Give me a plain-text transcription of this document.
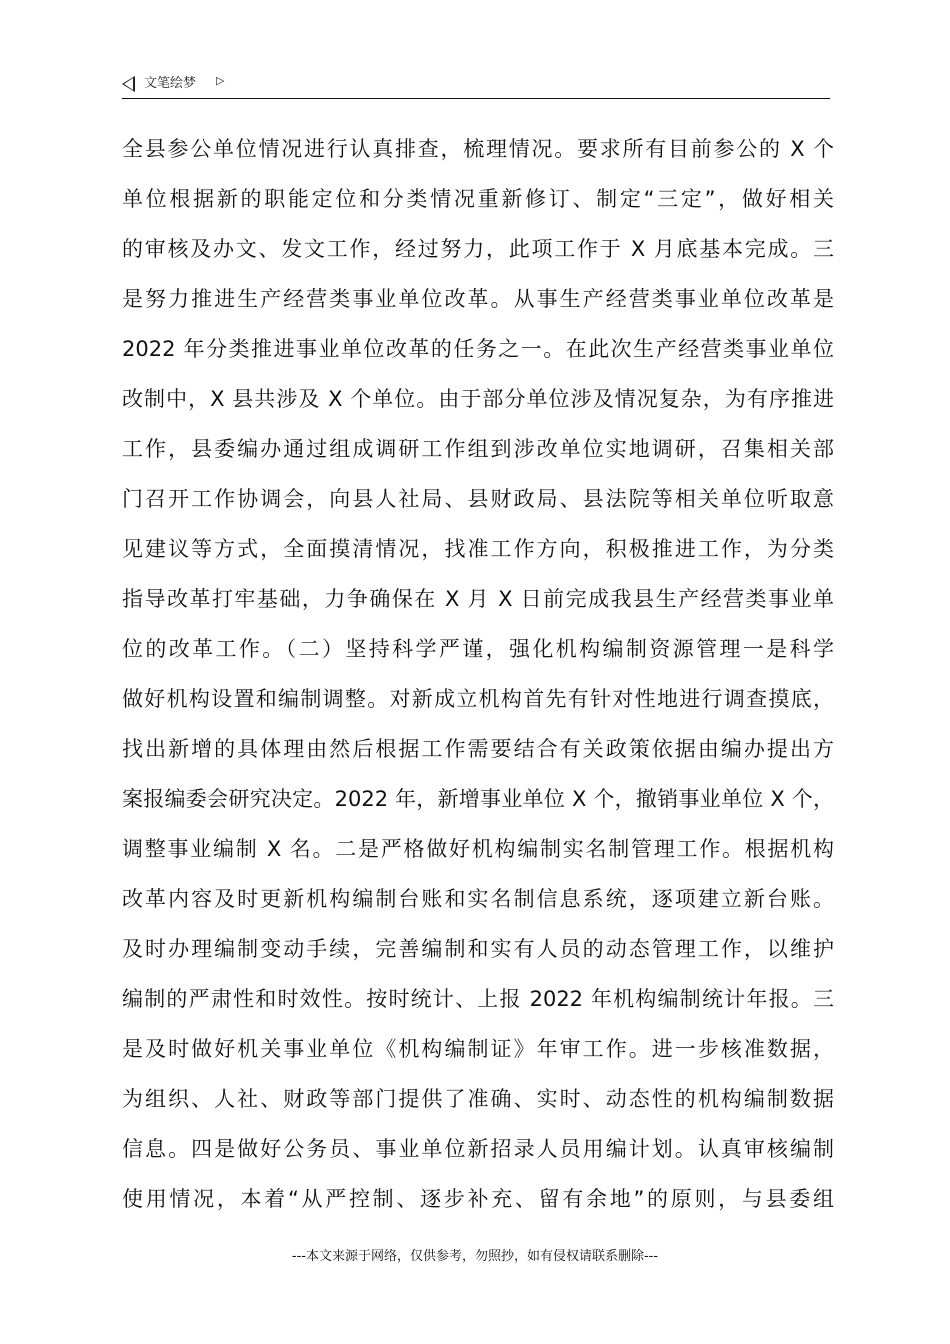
文笔绘梦 ▷
全县参公单位情况进行认真排查，梳理情况。要求所有目前参公的 X 个
单位根据新的职能定位和分类情况重新修订、制定“三定”，做好相关
的审核及办文、发文工作，经过努力，此项工作于 X 月底基本完成。三
是努力推进生产经营类事业单位改革。从事生产经营类事业单位改革是
2022 年分类推进事业单位改革的任务之一。在此次生产经营类事业单位
改制中，X 县共涉及 X 个单位。由于部分单位涉及情况复杂，为有序推进
工作，县委编办通过组成调研工作组到涉改单位实地调研，召集相关部
门召开工作协调会，向县人社局、县财政局、县法院等相关单位听取意
见建议等方式，全面摸清情况，找准工作方向，积极推进工作，为分类
指导改革打牢基础，力争确保在 X 月 X 日前完成我县生产经营类事业单
位的改革工作。（二）坚持科学严谨，强化机构编制资源管理一是科学
做好机构设置和编制调整。对新成立机构首先有针对性地进行调查摸底，
找出新增的具体理由然后根据工作需要结合有关政策依据由编办提出方
案报编委会研究决定。2022 年，新增事业单位 X 个，撤销事业单位 X 个，
调整事业编制 X 名。二是严格做好机构编制实名制管理工作。根据机构
改革内容及时更新机构编制台账和实名制信息系统，逐项建立新台账。
及时办理编制变动手续，完善编制和实有人员的动态管理工作，以维护
编制的严肃性和时效性。按时统计、上报 2022 年机构编制统计年报。三
是及时做好机关事业单位《机构编制证》年审工作。进一步核准数据，
为组织、人社、财政等部门提供了准确、实时、动态性的机构编制数据
信息。四是做好公务员、事业单位新招录人员用编计划。认真审核编制
使用情况，本着“从严控制、逐步补充、留有余地”的原则，与县委组
---本文来源于网络，仅供参考，勿照抄，如有侵权请联系删除---
